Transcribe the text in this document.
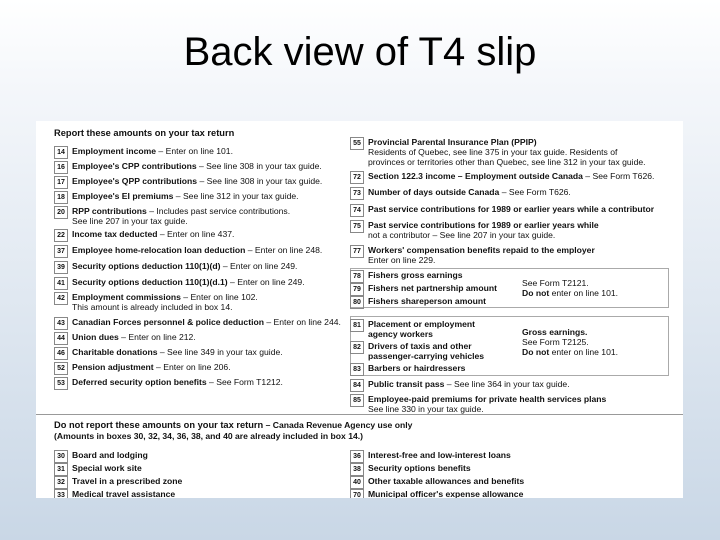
Back view of T4 slip
Report these amounts on your tax return
14 Employment income – Enter on line 101.
16 Employee's CPP contributions – See line 308 in your tax guide.
17 Employee's QPP contributions – See line 308 in your tax guide.
18 Employee's EI premiums – See line 312 in your tax guide.
20 RPP contributions – Includes past service contributions.
See line 207 in your tax guide.
22 Income tax deducted – Enter on line 437.
37 Employee home-relocation loan deduction – Enter on line 248.
39 Security options deduction 110(1)(d) – Enter on line 249.
41 Security options deduction 110(1)(d.1) – Enter on line 249.
42 Employment commissions – Enter on line 102.
This amount is already included in box 14.
43 Canadian Forces personnel & police deduction – Enter on line 244.
44 Union dues – Enter on line 212.
46 Charitable donations – See line 349 in your tax guide.
52 Pension adjustment – Enter on line 206.
53 Deferred security option benefits – See Form T1212.
55 Provincial Parental Insurance Plan (PPIP)
Residents of Quebec, see line 375 in your tax guide. Residents of
provinces or territories other than Quebec, see line 312 in your tax guide.
72 Section 122.3 income – Employment outside Canada – See Form T626.
73 Number of days outside Canada – See Form T626.
74 Past service contributions for 1989 or earlier years while a contributor
75 Past service contributions for 1989 or earlier years while
not a contributor – See line 207 in your tax guide.
77 Workers' compensation benefits repaid to the employer
Enter on line 229.
78 Fishers gross earnings
79 Fishers net partnership amount
80 Fishers shareperson amount
See Form T2121.
Do not enter on line 101.
81 Placement or employment
agency workers
82 Drivers of taxis and other
passenger-carrying vehicles
83 Barbers or hairdressers
Gross earnings.
See Form T2125.
Do not enter on line 101.
84 Public transit pass – See line 364 in your tax guide.
85 Employee-paid premiums for private health services plans
See line 330 in your tax guide.
Do not report these amounts on your tax return – Canada Revenue Agency use only
(Amounts in boxes 30, 32, 34, 36, 38, and 40 are already included in box 14.)
30 Board and lodging
31 Special work site
32 Travel in a prescribed zone
33 Medical travel assistance
36 Interest-free and low-interest loans
38 Security options benefits
40 Other taxable allowances and benefits
70 Municipal officer's expense allowance
